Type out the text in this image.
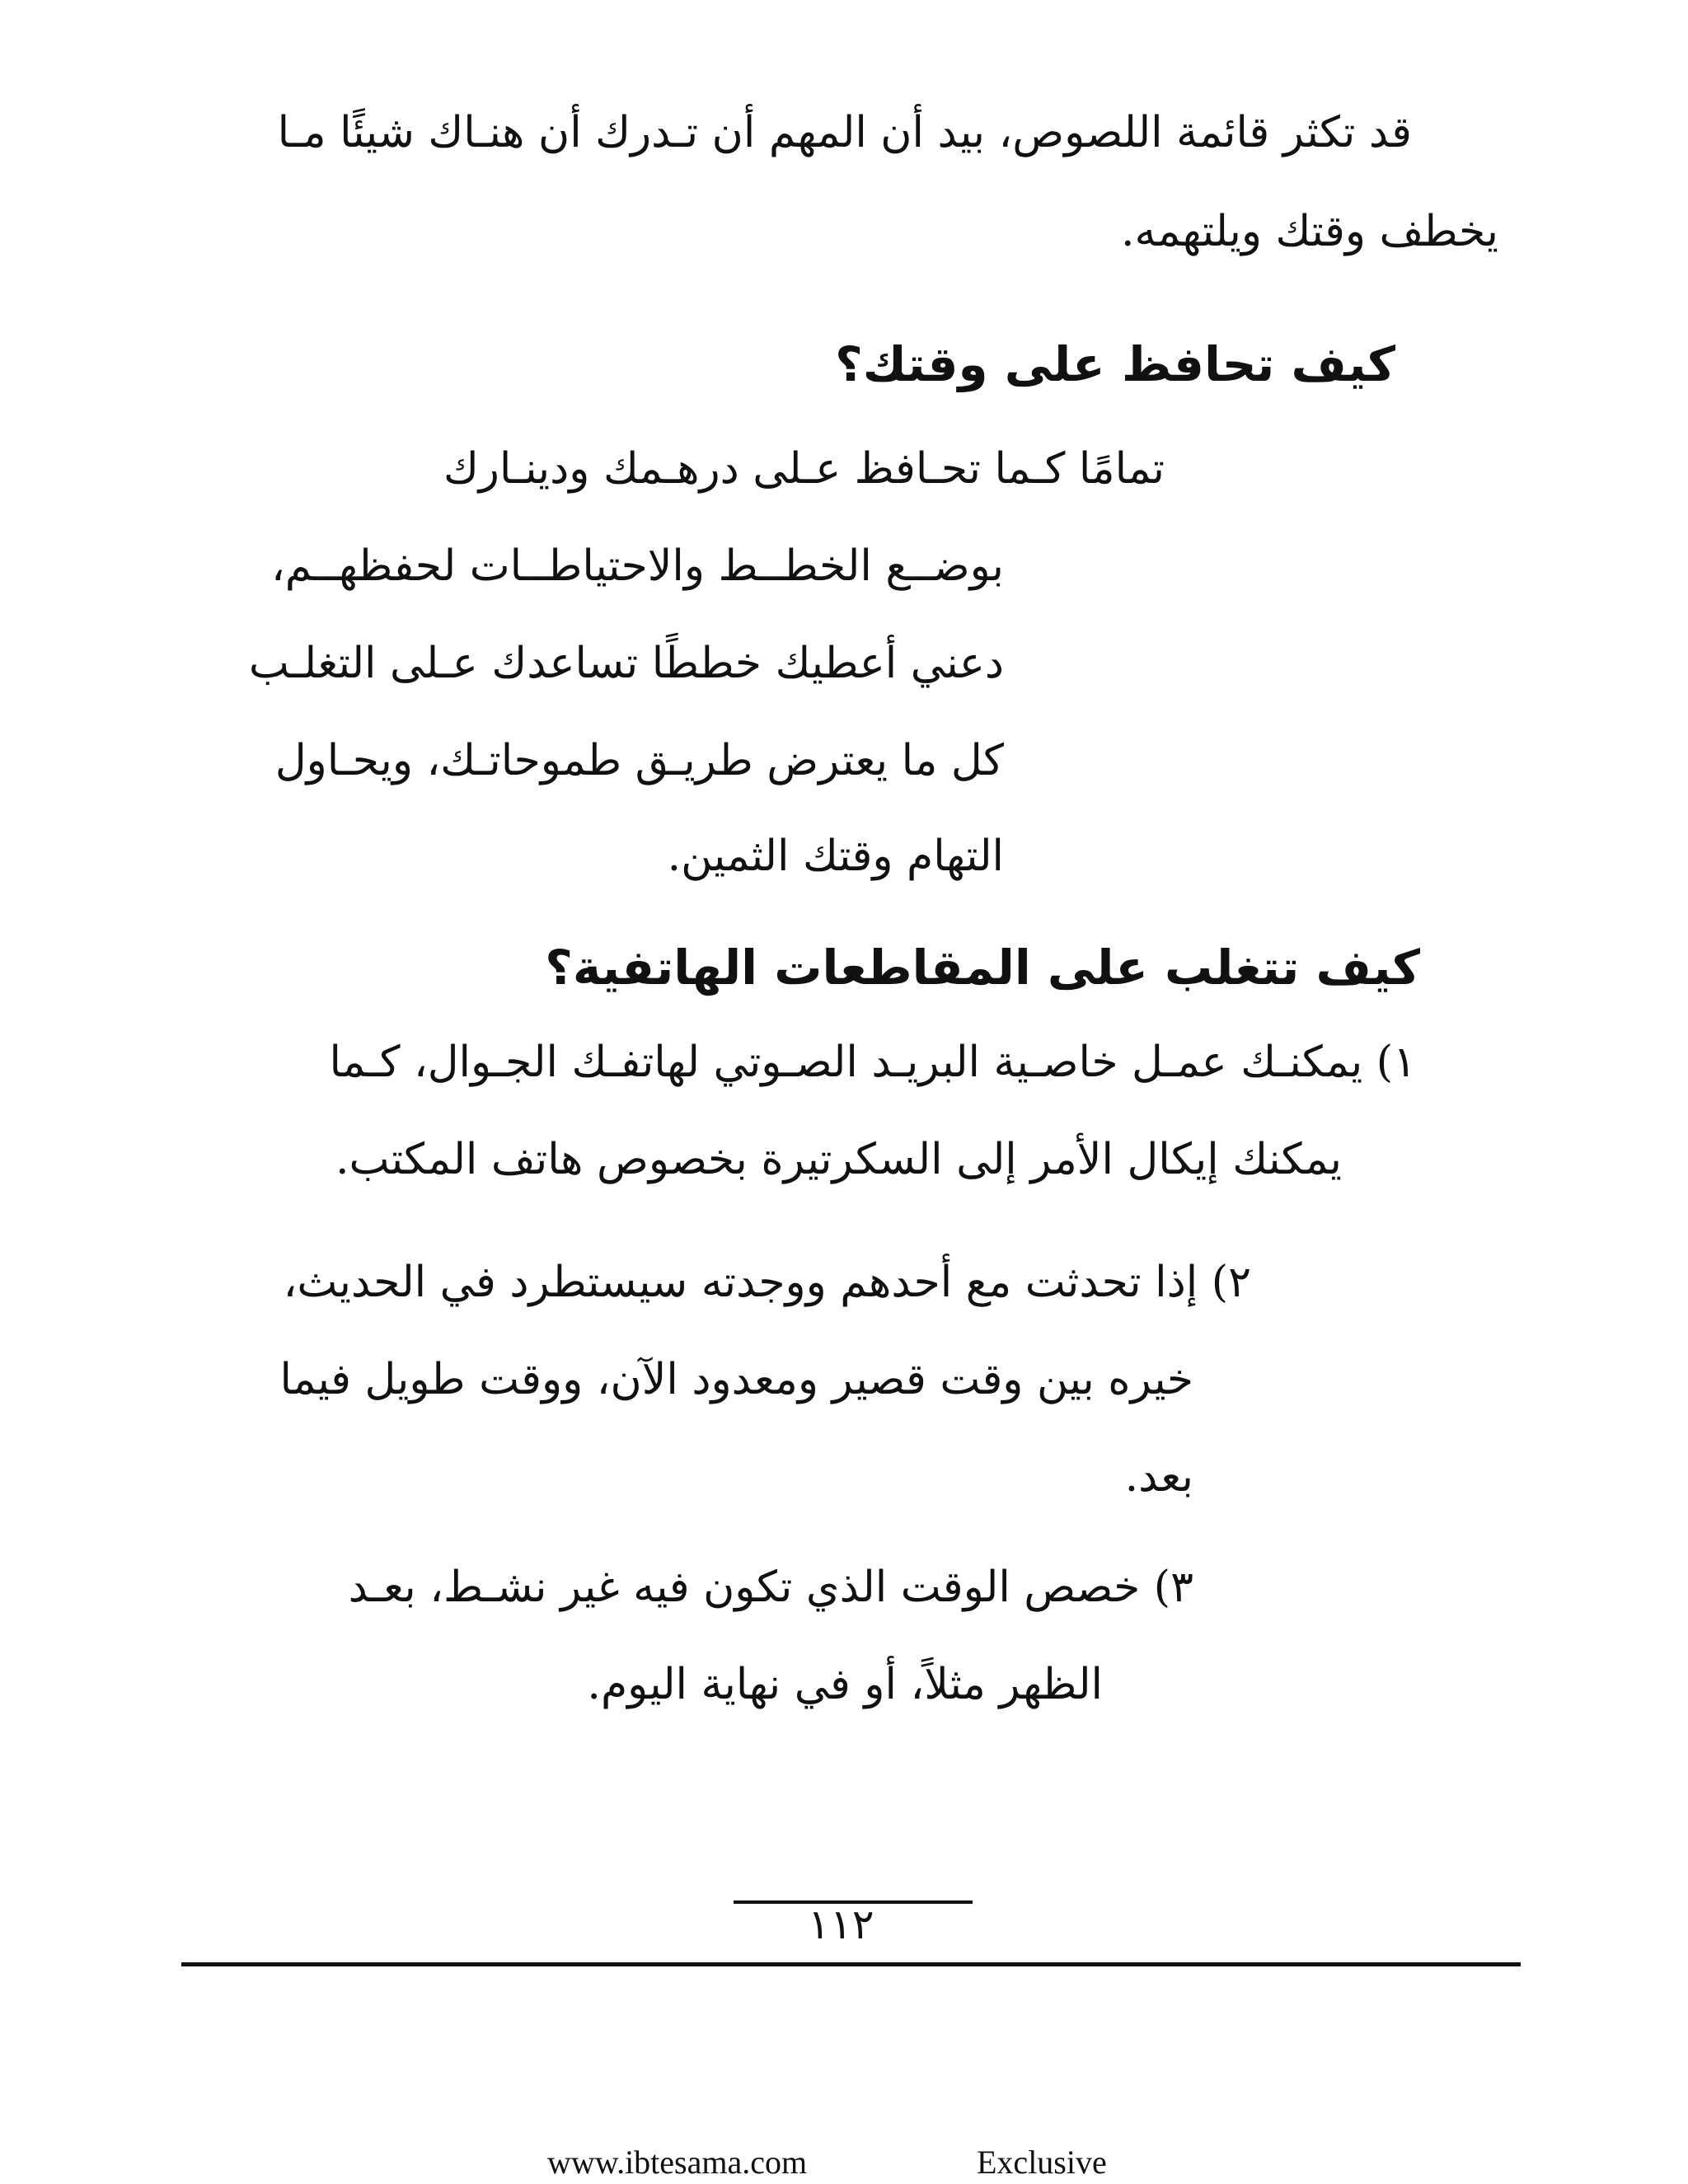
قد تكثر قائمة اللصوص، بيد أن المهم أن تـدرك أن هنـاك شيئًا مـا
يخطف وقتك ويلتهمه.
كيف تحافظ على وقتك؟
تمامًا كـما تحـافظ عـلى درهـمك ودينـارك
بوضــع الخطــط والاحتياطــات لحفظهــم،
دعني أعطيك خططًا تساعدك عـلى التغلـب
كل ما يعترض طريـق طموحاتـك، ويحـاول
التهام وقتك الثمين.
كيف تتغلب على المقاطعات الهاتفية؟
١) يمكنـك عمـل خاصـية البريـد الصـوتي لهاتفـك الجـوال، كـما
يمكنك إيكال الأمر إلى السكرتيرة بخصوص هاتف المكتب.
٢) إذا تحدثت مع أحدهم ووجدته سيستطرد في الحديث،
خيره بين وقت قصير ومعدود الآن، ووقت طويل فيما
بعد.
٣) خصص الوقت الذي تكون فيه غير نشـط، بعـد
الظهر مثلاً، أو في نهاية اليوم.
١١٢
www.ibtesama.com	Exclusive
